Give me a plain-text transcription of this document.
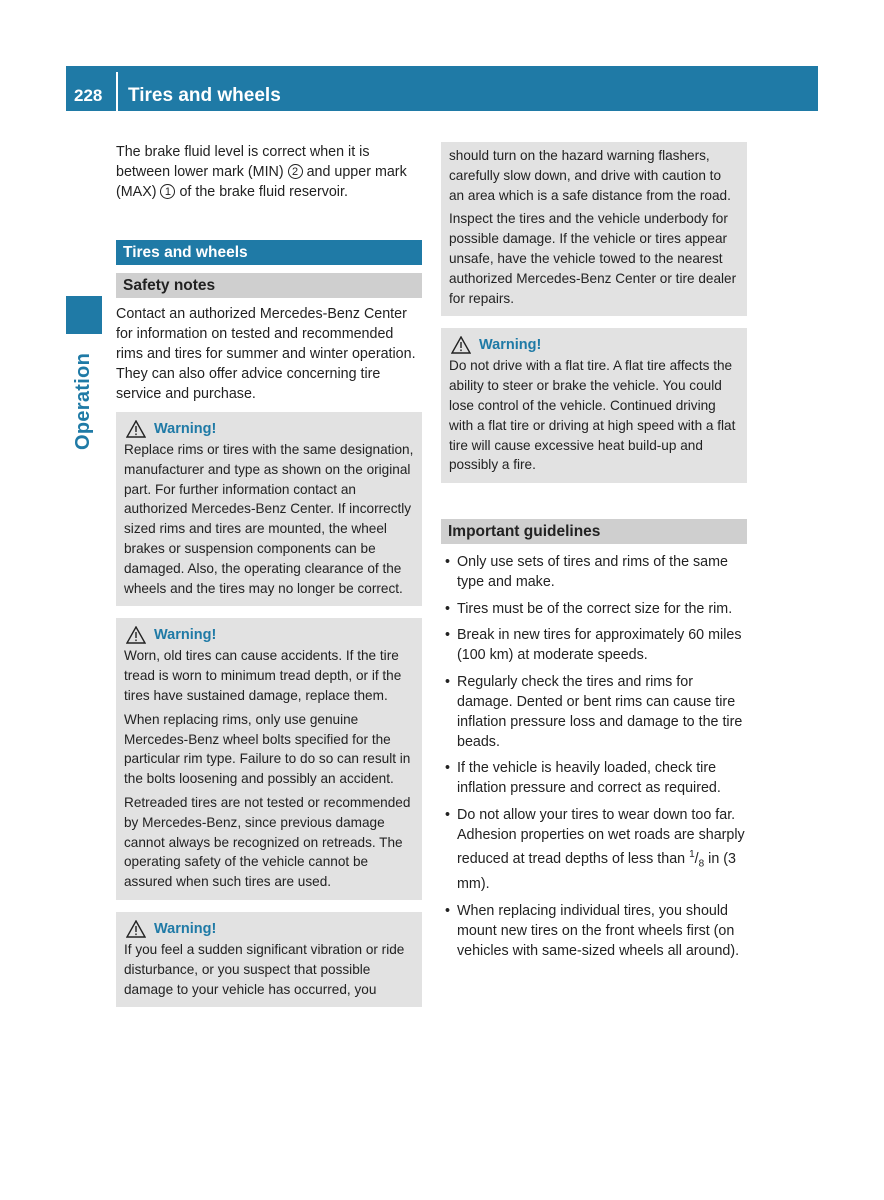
228 Tires and wheels
Operation

The brake fluid level is correct when it is between lower mark (MIN) 2 and upper mark (MAX) 1 of the brake fluid reservoir.

Tires and wheels
Safety notes

Contact an authorized Mercedes-Benz Center for information on tested and recommended rims and tires for summer and winter operation. They can also offer advice concerning tire service and purchase.

Warning!

Replace rims or tires with the same designation, manufacturer and type as shown on the original part. For further information contact an authorized Mercedes-Benz Center. If incorrectly sized rims and tires are mounted, the wheel brakes or suspension components can be damaged. Also, the operating clearance of the wheels and the tires may no longer be correct.

Warning!

Worn, old tires can cause accidents. If the tire tread is worn to minimum tread depth, or if the tires have sustained damage, replace them.

When replacing rims, only use genuine Mercedes-Benz wheel bolts specified for the particular rim type. Failure to do so can result in the bolts loosening and possibly an accident.

Retreaded tires are not tested or recommended by Mercedes-Benz, since previous damage cannot always be recognized on retreads. The operating safety of the vehicle cannot be assured when such tires are used.

Warning!

If you feel a sudden significant vibration or ride disturbance, or you suspect that possible damage to your vehicle has occurred, you

should turn on the hazard warning flashers, carefully slow down, and drive with caution to an area which is a safe distance from the road.

Inspect the tires and the vehicle underbody for possible damage. If the vehicle or tires appear unsafe, have the vehicle towed to the nearest authorized Mercedes-Benz Center or tire dealer for repairs.

Warning!

Do not drive with a flat tire. A flat tire affects the ability to steer or brake the vehicle. You could lose control of the vehicle. Continued driving with a flat tire or driving at high speed with a flat tire will cause excessive heat build-up and possibly a fire.

Important guidelines
• Only use sets of tires and rims of the same type and make.
• Tires must be of the correct size for the rim.
• Break in new tires for approximately 60 miles (100 km) at moderate speeds.
• Regularly check the tires and rims for damage. Dented or bent rims can cause tire inflation pressure loss and damage to the tire beads.
• If the vehicle is heavily loaded, check tire inflation pressure and correct as required.
• Do not allow your tires to wear down too far. Adhesion properties on wet roads are sharply reduced at tread depths of less than $^1/_8$ in (3 mm).
• When replacing individual tires, you should mount new tires on the front wheels first (on vehicles with same-sized wheels all around).
